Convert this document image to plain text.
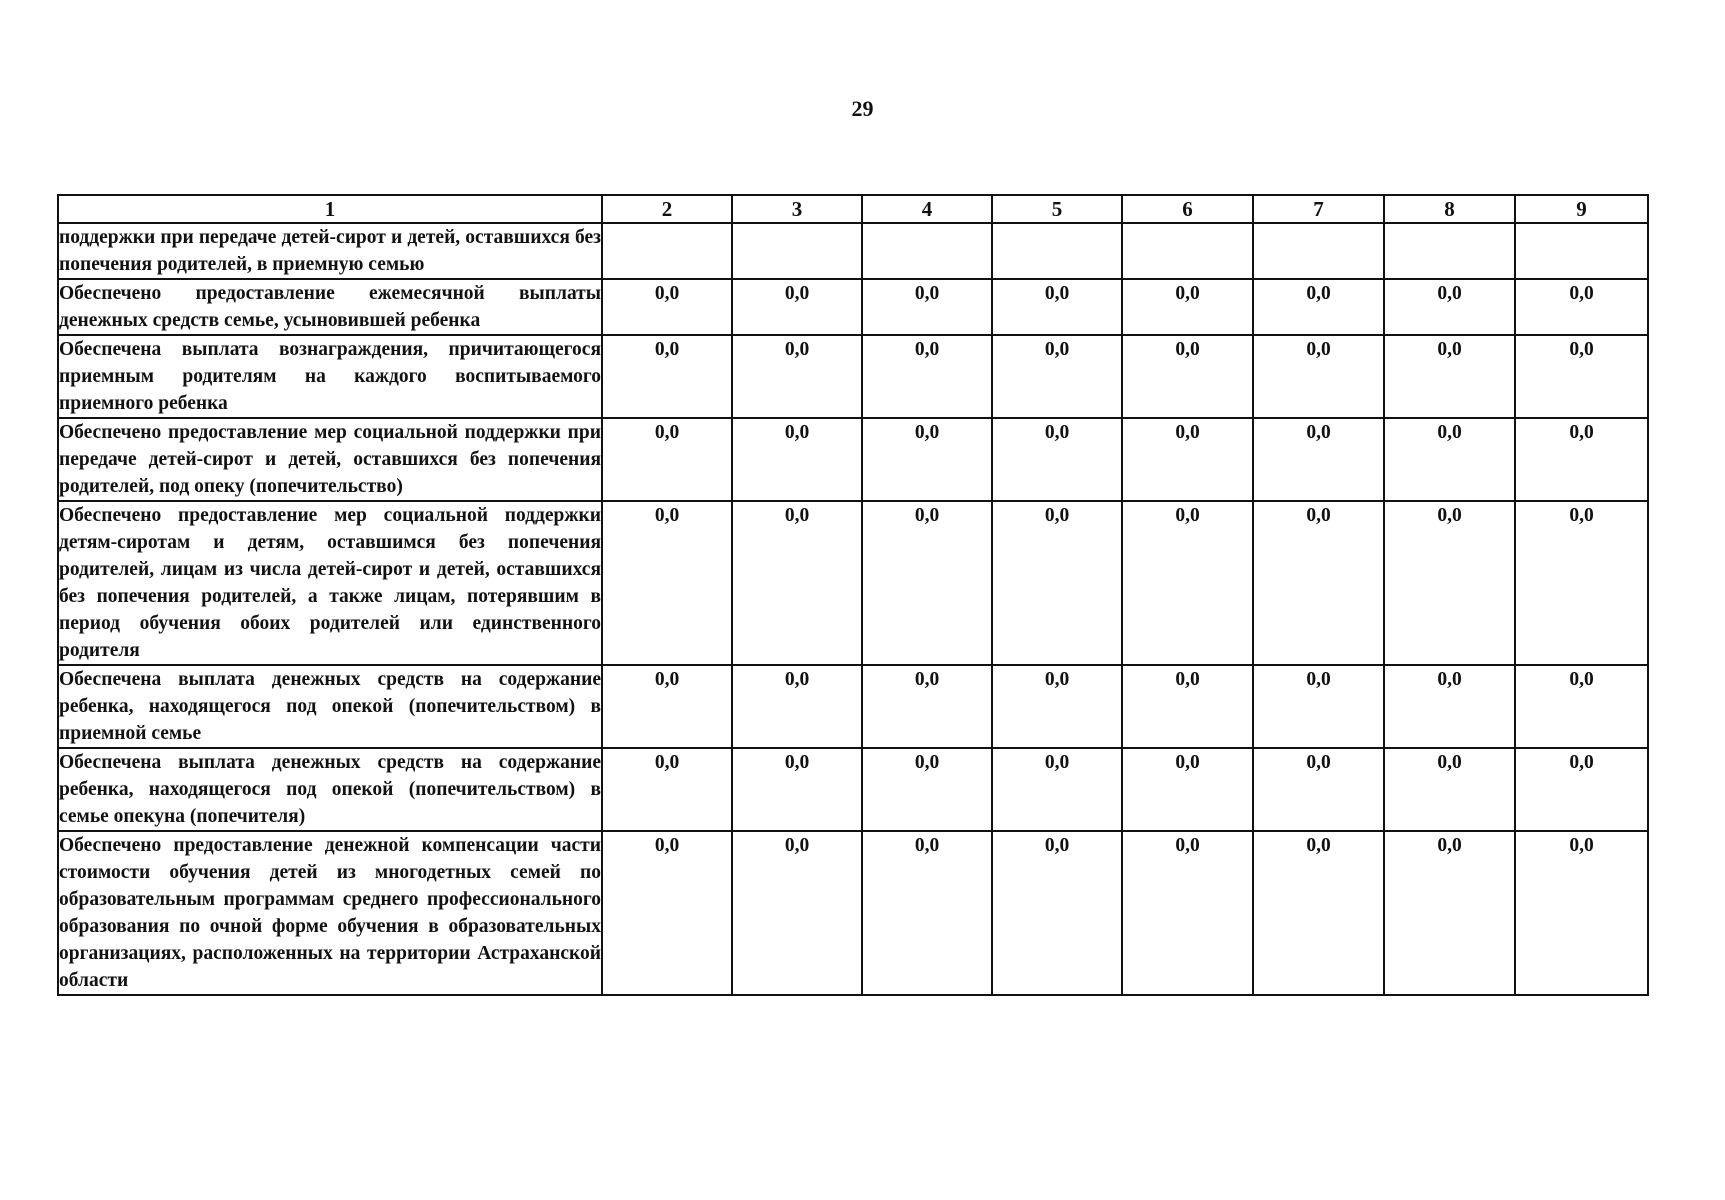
29
1	2	3	4	5	6	7	8	9
поддержки при передаче детей-сирот и детей, оставшихся без попечения родителей, в приемную семью								
Обеспечено предоставление ежемесячной выплаты денежных средств семье, усыновившей ребенка	0,0	0,0	0,0	0,0	0,0	0,0	0,0	0,0
Обеспечена выплата вознаграждения, причитающегося приемным родителям на каждого воспитываемого приемного ребенка	0,0	0,0	0,0	0,0	0,0	0,0	0,0	0,0
Обеспечено предоставление мер социальной поддержки при передаче детей-сирот и детей, оставшихся без попечения родителей, под опеку (попечительство)	0,0	0,0	0,0	0,0	0,0	0,0	0,0	0,0
Обеспечено предоставление мер социальной поддержки детям-сиротам и детям, оставшимся без попечения родителей, лицам из числа детей-сирот и детей, оставшихся без попечения родителей, а также лицам, потерявшим в период обучения обоих родителей или единственного родителя	0,0	0,0	0,0	0,0	0,0	0,0	0,0	0,0
Обеспечена выплата денежных средств на содержание ребенка, находящегося под опекой (попечительством) в приемной семье	0,0	0,0	0,0	0,0	0,0	0,0	0,0	0,0
Обеспечена выплата денежных средств на содержание ребенка, находящегося под опекой (попечительством) в семье опекуна (попечителя)	0,0	0,0	0,0	0,0	0,0	0,0	0,0	0,0
Обеспечено предоставление денежной компенсации части стоимости обучения детей из многодетных семей по образовательным программам среднего профессионального образования по очной форме обучения в образовательных организациях, расположенных на территории Астраханской области	0,0	0,0	0,0	0,0	0,0	0,0	0,0	0,0
